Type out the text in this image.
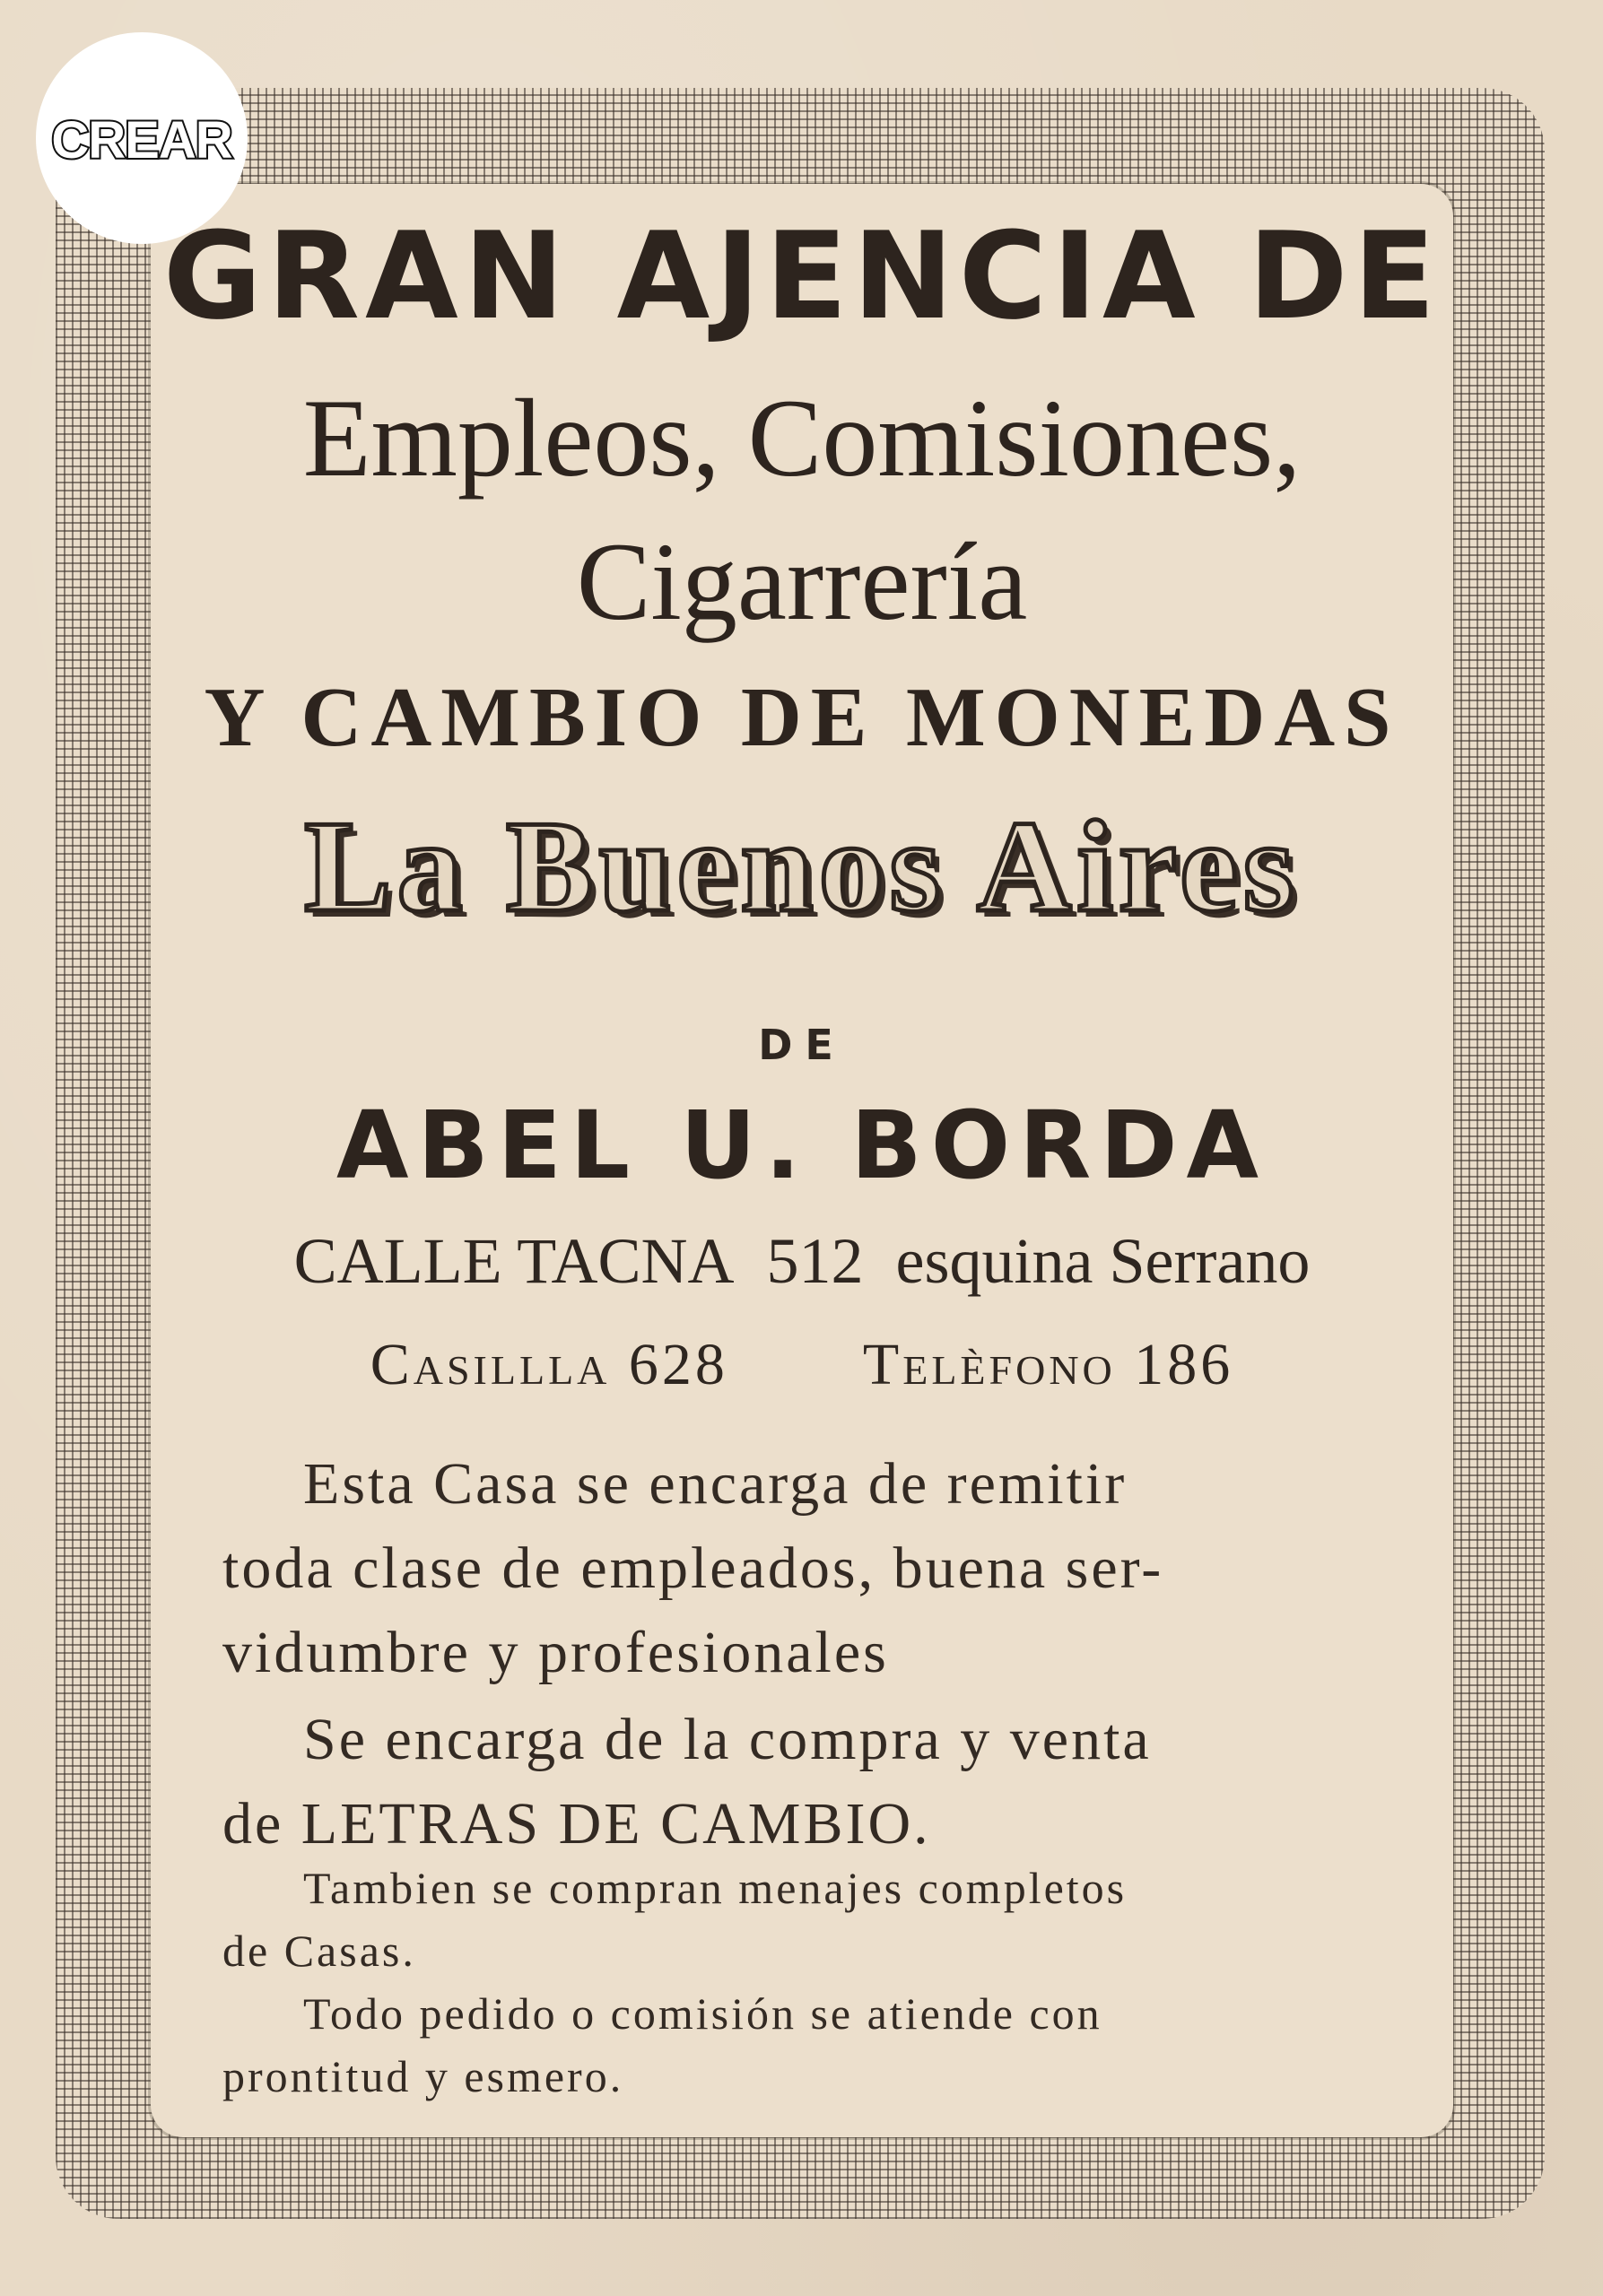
CREAR
GRAN AJENCIA DE
Empleos, Comisiones,
Cigarrería
Y CAMBIO DE MONEDAS
La Buenos Aires
DE
ABEL U. BORDA
CALLE TACNA 512 esquina Serrano
Casillla 628 Telèfono 186
Esta Casa se encarga de remitir
toda clase de empleados, buena ser-
vidumbre y profesionales
Se encarga de la compra y venta
de LETRAS DE CAMBIO.
Tambien se compran menajes completos
de Casas.
Todo pedido o comisión se atiende con
prontitud y esmero.
